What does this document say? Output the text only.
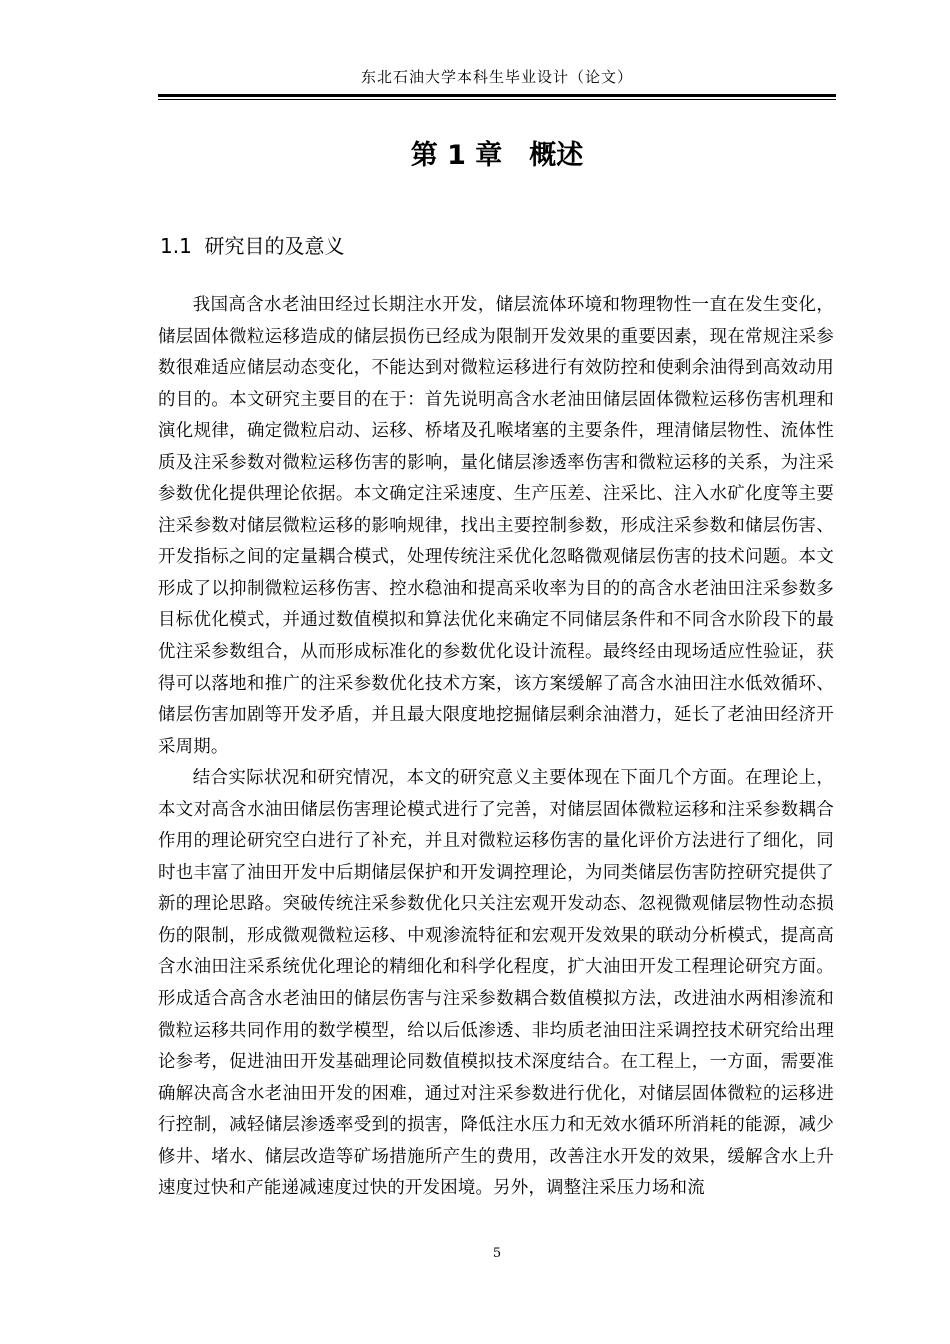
东北石油大学本科生毕业设计（论文）
第 1 章　概述
1.1  研究目的及意义

我国高含水老油田经过长期注水开发，储层流体环境和物理物性一直在发生变化，储层固体微粒运移造成的储层损伤已经成为限制开发效果的重要因素，现在常规注采参数很难适应储层动态变化，不能达到对微粒运移进行有效防控和使剩余油得到高效动用的目的。本文研究主要目的在于：首先说明高含水老油田储层固体微粒运移伤害机理和演化规律，确定微粒启动、运移、桥堵及孔喉堵塞的主要条件，理清储层物性、流体性质及注采参数对微粒运移伤害的影响，量化储层渗透率伤害和微粒运移的关系，为注采参数优化提供理论依据。本文确定注采速度、生产压差、注采比、注入水矿化度等主要注采参数对储层微粒运移的影响规律，找出主要控制参数，形成注采参数和储层伤害、开发指标之间的定量耦合模式，处理传统注采优化忽略微观储层伤害的技术问题。本文形成了以抑制微粒运移伤害、控水稳油和提高采收率为目的的高含水老油田注采参数多目标优化模式，并通过数值模拟和算法优化来确定不同储层条件和不同含水阶段下的最优注采参数组合，从而形成标准化的参数优化设计流程。最终经由现场适应性验证，获得可以落地和推广的注采参数优化技术方案，该方案缓解了高含水油田注水低效循环、储层伤害加剧等开发矛盾，并且最大限度地挖掘储层剩余油潜力，延长了老油田经济开采周期。

结合实际状况和研究情况，本文的研究意义主要体现在下面几个方面。在理论上，本文对高含水油田储层伤害理论模式进行了完善，对储层固体微粒运移和注采参数耦合作用的理论研究空白进行了补充，并且对微粒运移伤害的量化评价方法进行了细化，同时也丰富了油田开发中后期储层保护和开发调控理论，为同类储层伤害防控研究提供了新的理论思路。突破传统注采参数优化只关注宏观开发动态、忽视微观储层物性动态损伤的限制，形成微观微粒运移、中观渗流特征和宏观开发效果的联动分析模式，提高高含水油田注采系统优化理论的精细化和科学化程度，扩大油田开发工程理论研究方面。形成适合高含水老油田的储层伤害与注采参数耦合数值模拟方法，改进油水两相渗流和微粒运移共同作用的数学模型，给以后低渗透、非均质老油田注采调控技术研究给出理论参考，促进油田开发基础理论同数值模拟技术深度结合。在工程上，一方面，需要准确解决高含水老油田开发的困难，通过对注采参数进行优化，对储层固体微粒的运移进行控制，减轻储层渗透率受到的损害，降低注水压力和无效水循环所消耗的能源，减少修井、堵水、储层改造等矿场措施所产生的费用，改善注水开发的效果，缓解含水上升速度过快和产能递减速度过快的开发困境。另外，调整注采压力场和流

5
